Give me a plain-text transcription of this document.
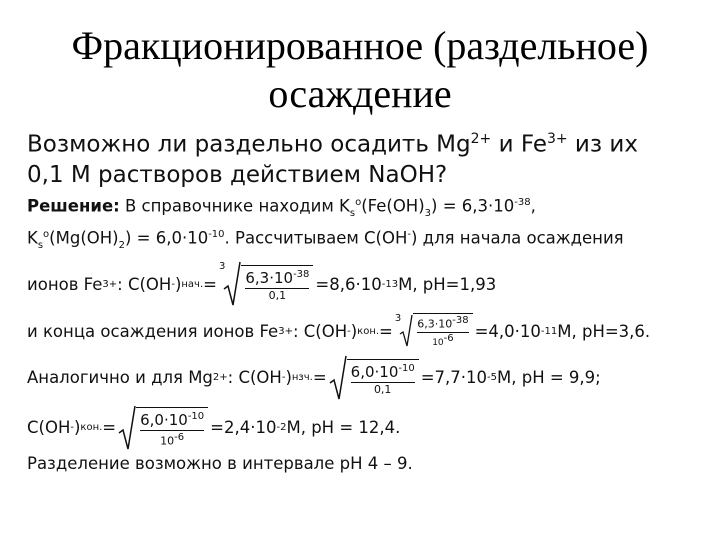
Фракционированное (раздельное)
осаждение
Возможно ли раздельно осадить $Mg^{2+}$ и $Fe^{3+}$ из их
0,1 М растворов действием NaOH?
Решение: В справочнике находим $K_s^o(Fe(OH)_3) = 6,3\cdot 10^{-38}$,
$K_s^o(Mg(OH)_2) = 6,0\cdot 10^{-10}$. Рассчитываем C(OH-) для начала осаждения
ионов Fe 3+ : C(OH - ) нач. =
$3 \frac{6,3\cdot 10^{-38}}{0,1} =8,6\cdot 10$ -13 M, pH=1,93
и конца осаждения ионов Fe 3+ : C(OH - ) кон. =
$3 \frac{6,3\cdot 10^{-38}}{10^{-6}} =4,0\cdot 10$ -11 M, pH=3,6.
Аналогично и для Mg 2+ : C(OH - ) нзч. = $\frac{6,0\cdot 10^{-10}}{0,1} =7,7\cdot 10$ -5 M, pH = 9,9;
C(OH - ) кон. = $\frac{6,0\cdot 10^{-10}}{10^{-6}} =2,4\cdot 10$ -2 M, pH = 12,4.
Разделение возможно в интервале pH 4 – 9.
